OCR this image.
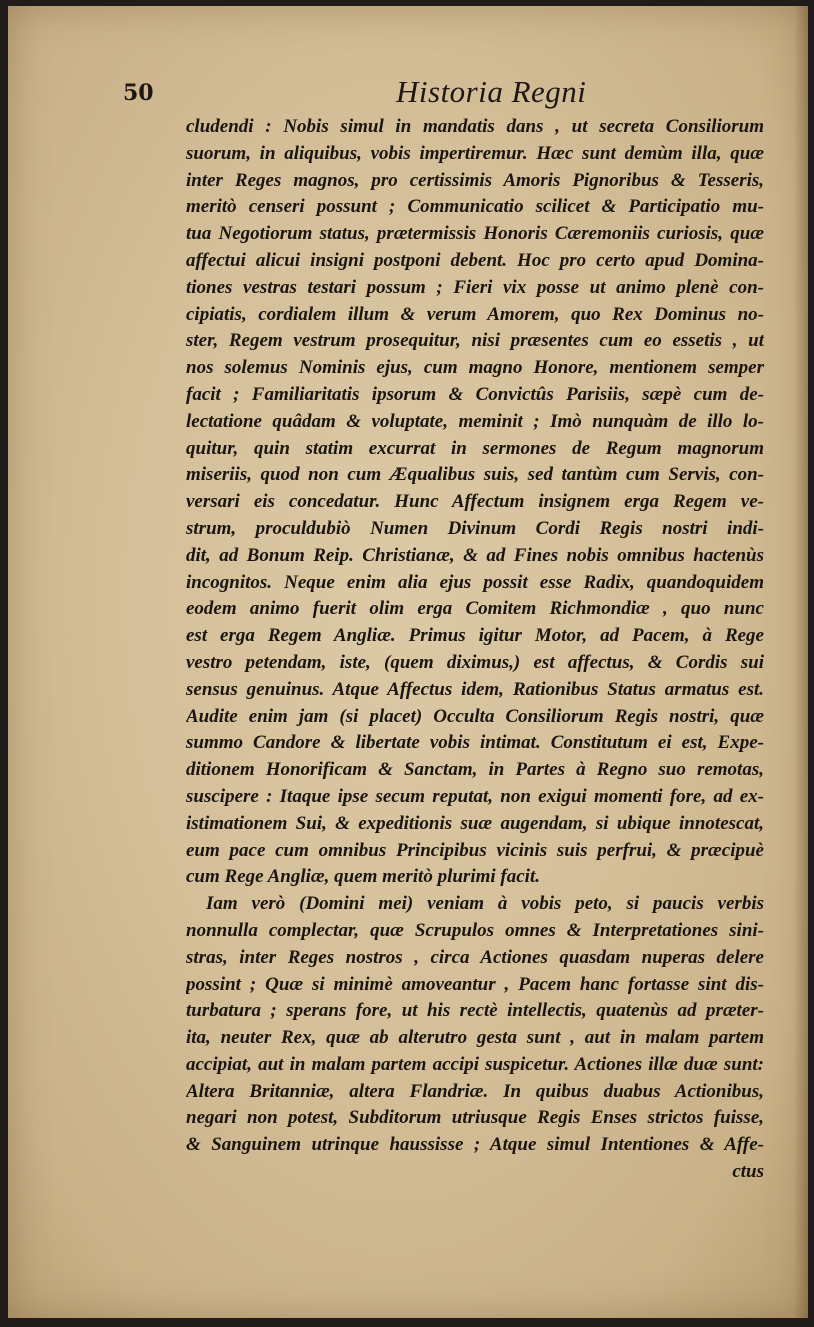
50	Historia Regni
cludendi : Nobis simul in mandatis dans , ut secreta Consiliorum
suorum, in aliquibus, vobis impertiremur. Hæc sunt demùm illa, quæ
inter Reges magnos, pro certissimis Amoris Pignoribus & Tesseris,
meritò censeri possunt ; Communicatio scilicet & Participatio mu-
tua Negotiorum status, prætermissis Honoris Cæremoniis curiosis, quæ
affectui alicui insigni postponi debent. Hoc pro certo apud Domina-
tiones vestras testari possum ; Fieri vix posse ut animo plenè con-
cipiatis, cordialem illum & verum Amorem, quo Rex Dominus no-
ster, Regem vestrum prosequitur, nisi præsentes cum eo essetis , ut
nos solemus Nominis ejus, cum magno Honore, mentionem semper
facit ; Familiaritatis ipsorum & Convictûs Parisiis, sæpè cum de-
lectatione quâdam & voluptate, meminit ; Imò nunquàm de illo lo-
quitur, quin statim excurrat in sermones de Regum magnorum
miseriis, quod non cum Æqualibus suis, sed tantùm cum Servis, con-
versari eis concedatur. Hunc Affectum insignem erga Regem ve-
strum, proculdubiò Numen Divinum Cordi Regis nostri indi-
dit, ad Bonum Reip. Christianæ, & ad Fines nobis omnibus hactenùs
incognitos. Neque enim alia ejus possit esse Radix, quandoquidem
eodem animo fuerit olim erga Comitem Richmondiæ , quo nunc
est erga Regem Angliæ. Primus igitur Motor, ad Pacem, à Rege
vestro petendam, iste, (quem diximus,) est affectus, & Cordis sui
sensus genuinus. Atque Affectus idem, Rationibus Status armatus est.
Audite enim jam (si placet) Occulta Consiliorum Regis nostri, quæ
summo Candore & libertate vobis intimat. Constitutum ei est, Expe-
ditionem Honorificam & Sanctam, in Partes à Regno suo remotas,
suscipere : Itaque ipse secum reputat, non exigui momenti fore, ad ex-
istimationem Sui, & expeditionis suæ augendam, si ubique innotescat,
eum pace cum omnibus Principibus vicinis suis perfrui, & præcipuè
cum Rege Angliæ, quem meritò plurimi facit.
Iam verò (Domini mei) veniam à vobis peto, si paucis verbis
nonnulla complectar, quæ Scrupulos omnes & Interpretationes sini-
stras, inter Reges nostros , circa Actiones quasdam nuperas delere
possint ; Quæ si minimè amoveantur , Pacem hanc fortasse sint dis-
turbatura ; sperans fore, ut his rectè intellectis, quatenùs ad præter-
ita, neuter Rex, quæ ab alterutro gesta sunt , aut in malam partem
accipiat, aut in malam partem accipi suspicetur. Actiones illæ duæ sunt:
Altera Britanniæ, altera Flandriæ. In quibus duabus Actionibus,
negari non potest, Subditorum utriusque Regis Enses strictos fuisse,
& Sanguinem utrinque haussisse ; Atque simul Intentiones & Affe-
ctus
